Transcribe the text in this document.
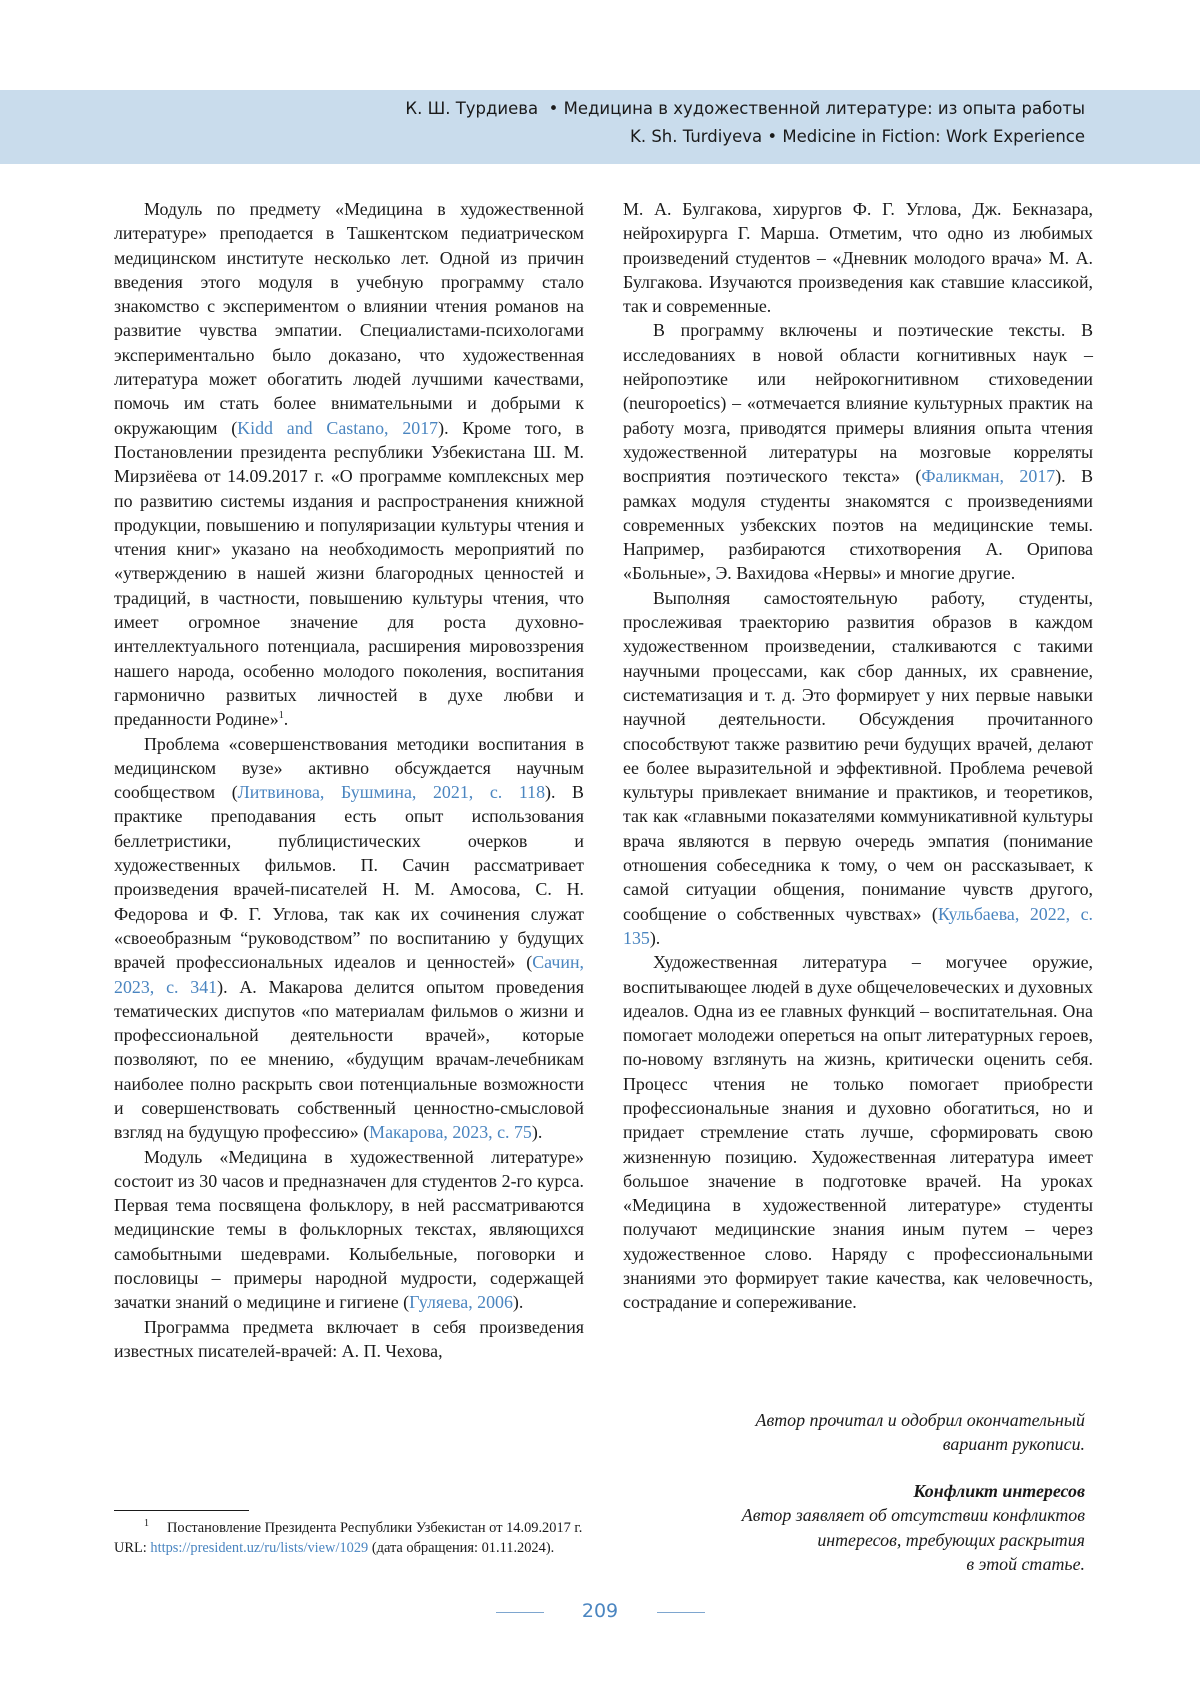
К. Ш. Турдиева • Медицина в художественной литературе: из опыта работы
K. Sh. Turdiyeva • Medicine in Fiction: Work Experience

Модуль по предмету «Медицина в художественной литературе» преподается в Ташкентском педиатрическом медицинском институте несколько лет. Одной из причин введения этого модуля в учебную программу стало знакомство с экспериментом о влиянии чтения романов на развитие чувства эмпатии. Специалистами-психологами экспериментально было доказано, что художественная литература может обогатить людей лучшими качествами, помочь им стать более внимательными и добрыми к окружающим (Kidd and Castano, 2017). Кроме того, в Постановлении президента республики Узбекистана Ш. М. Мирзиёева от 14.09.2017 г. «О программе комплексных мер по развитию системы издания и распространения книжной продукции, повышению и популяризации культуры чтения и чтения книг» указано на необходимость мероприятий по «утверждению в нашей жизни благородных ценностей и традиций, в частности, повышению культуры чтения, что имеет огромное значение для роста духовно-интеллектуального потенциала, расширения мировоззрения нашего народа, особенно молодого поколения, воспитания гармонично развитых личностей в духе любви и преданности Родине»$^1$.

Проблема «совершенствования методики воспитания в медицинском вузе» активно обсуждается научным сообществом (Литвинова, Бушмина, 2021, с. 118). В практике преподавания есть опыт использования беллетристики, публицистических очерков и художественных фильмов. П. Сачин рассматривает произведения врачей-писателей Н. М. Амосова, С. Н. Федорова и Ф. Г. Углова, так как их сочинения служат «своеобразным “руководством” по воспитанию у будущих врачей профессиональных идеалов и ценностей» (Сачин, 2023, с. 341). А. Макарова делится опытом проведения тематических диспутов «по материалам фильмов о жизни и профессиональной деятельности врачей», которые позволяют, по ее мнению, «будущим врачам-лечебникам наиболее полно раскрыть свои потенциальные возможности и совершенствовать собственный ценностно-смысловой взгляд на будущую профессию» (Макарова, 2023, с. 75).

Модуль «Медицина в художественной литературе» состоит из 30 часов и предназначен для студентов 2-го курса. Первая тема посвящена фольклору, в ней рассматриваются медицинские темы в фольклорных текстах, являющихся самобытными шедеврами. Колыбельные, поговорки и пословицы – примеры народной мудрости, содержащей зачатки знаний о медицине и гигиене (Гуляева, 2006).

Программа предмета включает в себя произведения известных писателей-врачей: А. П. Чехова,

М. А. Булгакова, хирургов Ф. Г. Углова, Дж. Бекназара, нейрохирурга Г. Марша. Отметим, что одно из любимых произведений студентов – «Дневник молодого врача» М. А. Булгакова. Изучаются произведения как ставшие классикой, так и современные.

В программу включены и поэтические тексты. В исследованиях в новой области когнитивных наук – нейропоэтике или нейрокогнитивном стиховедении (neuropoetics) – «отмечается влияние культурных практик на работу мозга, приводятся примеры влияния опыта чтения художественной литературы на мозговые корреляты восприятия поэтического текста» (Фаликман, 2017). В рамках модуля студенты знакомятся с произведениями современных узбекских поэтов на медицинские темы. Например, разбираются стихотворения А. Орипова «Больные», Э. Вахидова «Нервы» и многие другие.

Выполняя самостоятельную работу, студенты, прослеживая траекторию развития образов в каждом художественном произведении, сталкиваются с такими научными процессами, как сбор данных, их сравнение, систематизация и т. д. Это формирует у них первые навыки научной деятельности. Обсуждения прочитанного способствуют также развитию речи будущих врачей, делают ее более выразительной и эффективной. Проблема речевой культуры привлекает внимание и практиков, и теоретиков, так как «главными показателями коммуникативной культуры врача являются в первую очередь эмпатия (понимание отношения собеседника к тому, о чем он рассказывает, к самой ситуации общения, понимание чувств другого, сообщение о собственных чувствах» (Кульбаева, 2022, с. 135).

Художественная литература – могучее оружие, воспитывающее людей в духе общечеловеческих и духовных идеалов. Одна из ее главных функций – воспитательная. Она помогает молодежи опереться на опыт литературных героев, по-новому взглянуть на жизнь, критически оценить себя. Процесс чтения не только помогает приобрести профессиональные знания и духовно обогатиться, но и придает стремление стать лучше, сформировать свою жизненную позицию. Художественная литература имеет большое значение в подготовке врачей. На уроках «Медицина в художественной литературе» студенты получают медицинские знания иным путем – через художественное слово. Наряду с профессиональными знаниями это формирует такие качества, как человечность, сострадание и сопереживание.

Автор прочитал и одобрил окончательный
вариант рукописи.
Конфликт интересов
Автор заявляет об отсутствии конфликтов
интересов, требующих раскрытия
в этой статье.

$^1$ Постановление Президента Республики Узбекистан от 14.09.2017 г. URL: https://president.uz/ru/lists/view/1029 (дата обращения: 01.11.2024).

209
